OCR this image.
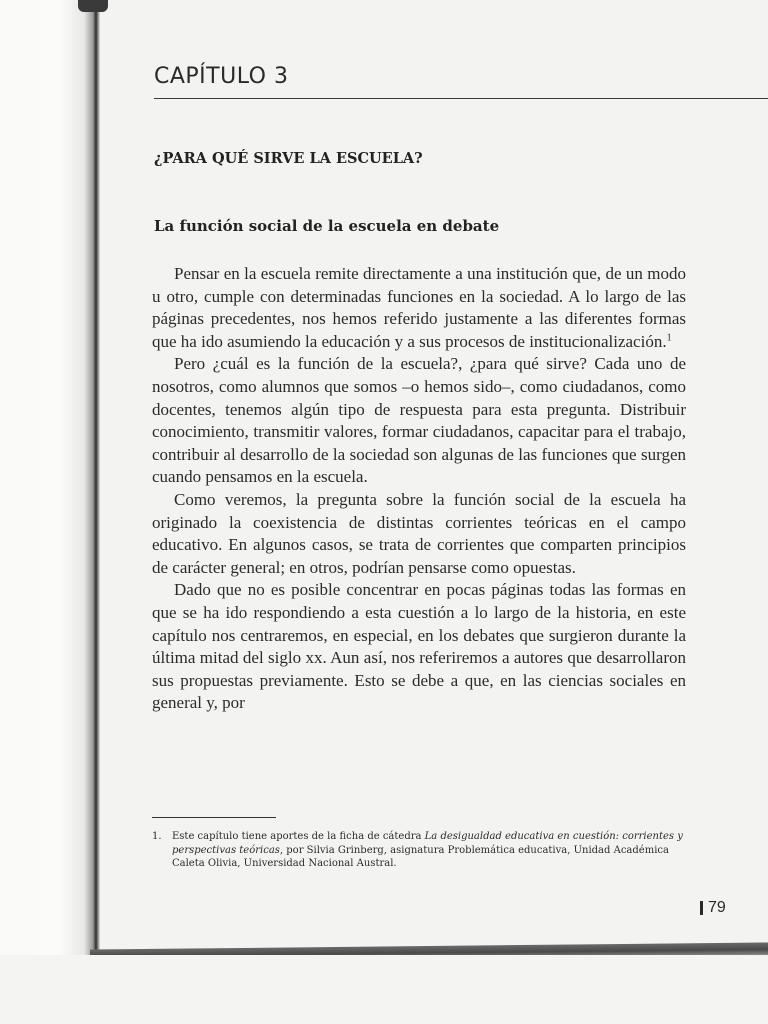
CAPÍTULO 3
¿PARA QUÉ SIRVE LA ESCUELA?
La función social de la escuela en debate

Pensar en la escuela remite directamente a una institución que, de un modo u otro, cumple con determinadas funciones en la sociedad. A lo largo de las páginas precedentes, nos hemos referido justamente a las diferentes formas que ha ido asumiendo la educación y a sus procesos de institucionalización.$^1$

Pero ¿cuál es la función de la escuela?, ¿para qué sirve? Cada uno de nosotros, como alumnos que somos –o hemos sido–, como ciudadanos, como docentes, tenemos algún tipo de respuesta para esta pregunta. Distribuir conocimiento, transmitir valores, formar ciudadanos, capacitar para el trabajo, contribuir al desarrollo de la sociedad son algunas de las funciones que surgen cuando pensamos en la escuela.

Como veremos, la pregunta sobre la función social de la escuela ha originado la coexistencia de distintas corrientes teóricas en el campo educativo. En algunos casos, se trata de corrientes que comparten principios de carácter general; en otros, podrían pensarse como opuestas.

Dado que no es posible concentrar en pocas páginas todas las formas en que se ha ido respondiendo a esta cuestión a lo largo de la historia, en este capítulo nos centraremos, en especial, en los debates que surgieron durante la última mitad del siglo xx. Aun así, nos referiremos a autores que desarrollaron sus propuestas previamente. Esto se debe a que, en las ciencias sociales en general y, por

1.	Este capítulo tiene aportes de la ficha de cátedra La desigualdad educativa en cuestión: corrientes y perspectivas teóricas, por Silvia Grinberg, asignatura Problemática educativa, Unidad Académica Caleta Olivia, Universidad Nacional Austral.
79
